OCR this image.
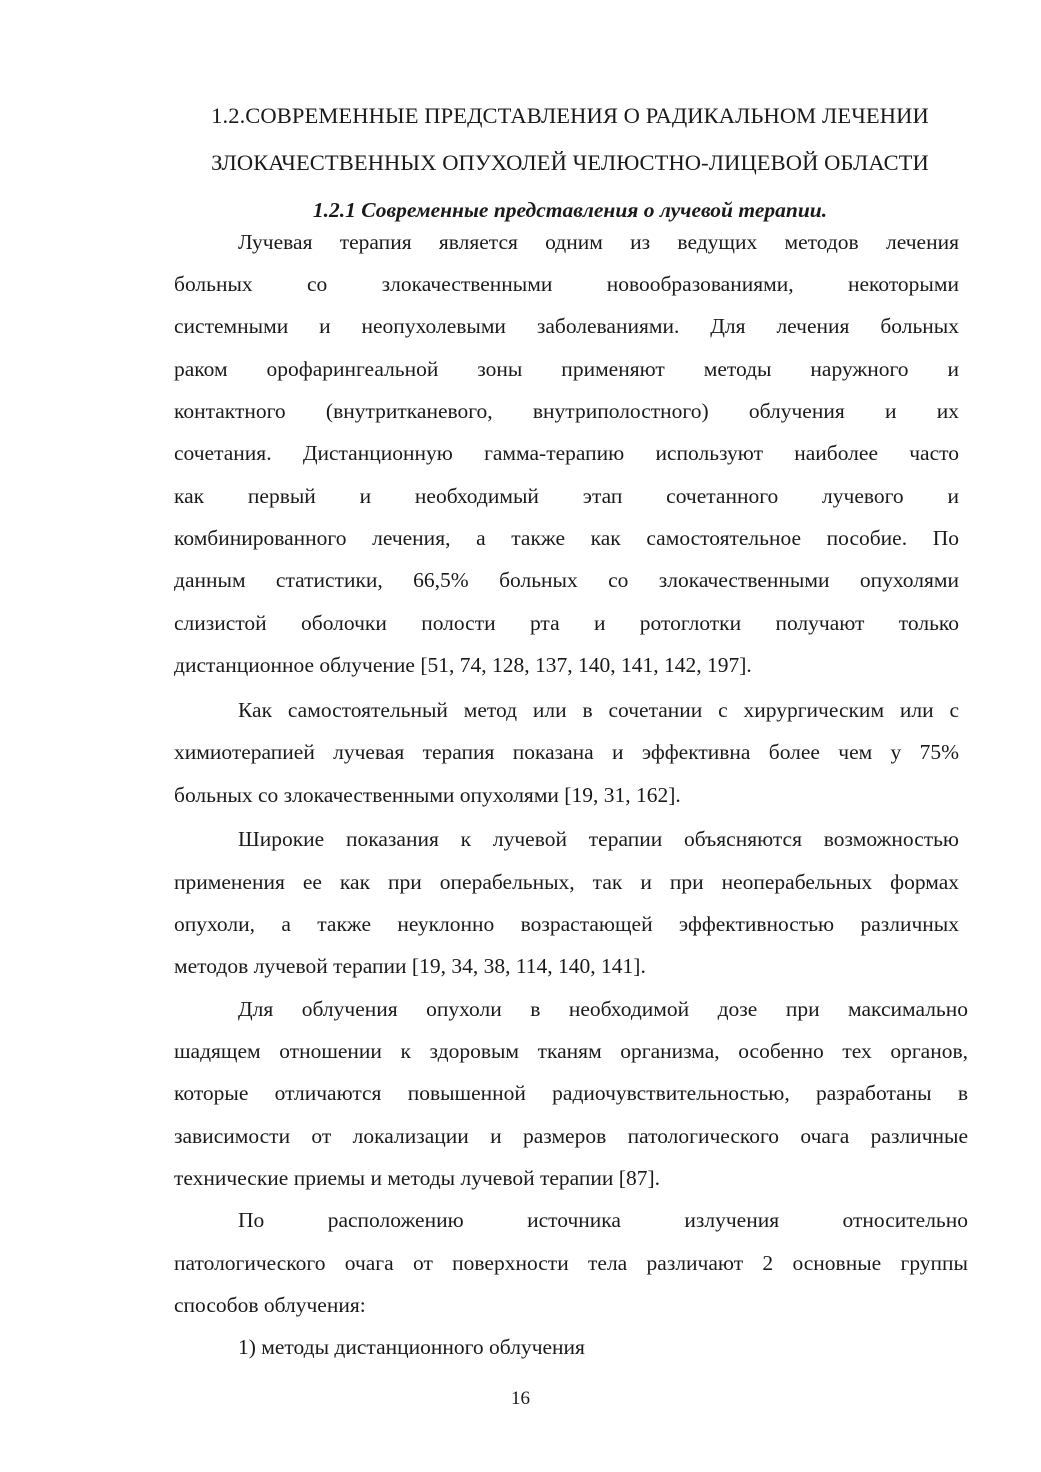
1.2.СОВРЕМЕННЫЕ ПРЕДСТАВЛЕНИЯ О РАДИКАЛЬНОМ ЛЕЧЕНИИ
ЗЛОКАЧЕСТВЕННЫХ ОПУХОЛЕЙ ЧЕЛЮСТНО-ЛИЦЕВОЙ ОБЛАСТИ
1.2.1 Современные представления о лучевой терапии.
Лучевая терапия является одним из ведущих методов лечения
больных со злокачественными новообразованиями, некоторыми
системными и неопухолевыми заболеваниями. Для лечения больных
раком орофарингеальной зоны применяют методы наружного и
контактного (внутритканевого, внутриполостного) облучения и их
сочетания. Дистанционную гамма-терапию используют наиболее часто
как первый и необходимый этап сочетанного лучевого и
комбинированного лечения, а также как самостоятельное пособие. По
данным статистики, 66,5% больных со злокачественными опухолями
слизистой оболочки полости рта и ротоглотки получают только
дистанционное облучение [51, 74, 128, 137, 140, 141, 142, 197].
Как самостоятельный метод или в сочетании с хирургическим или с
химиотерапией лучевая терапия показана и эффективна более чем у 75%
больных со злокачественными опухолями [19, 31, 162].
Широкие показания к лучевой терапии объясняются возможностью
применения ее как при операбельных, так и при неоперабельных формах
опухоли, а также неуклонно возрастающей эффективностью различных
методов лучевой терапии [19, 34, 38, 114, 140, 141].
Для облучения опухоли в необходимой дозе при максимально
шадящем отношении к здоровым тканям организма, особенно тех органов,
которые отличаются повышенной радиочувствительностью, разработаны в
зависимости от локализации и размеров патологического очага различные
технические приемы и методы лучевой терапии [87].
По расположению источника излучения относительно
патологического очага от поверхности тела различают 2 основные группы
способов облучения:
1) методы дистанционного облучения
16
